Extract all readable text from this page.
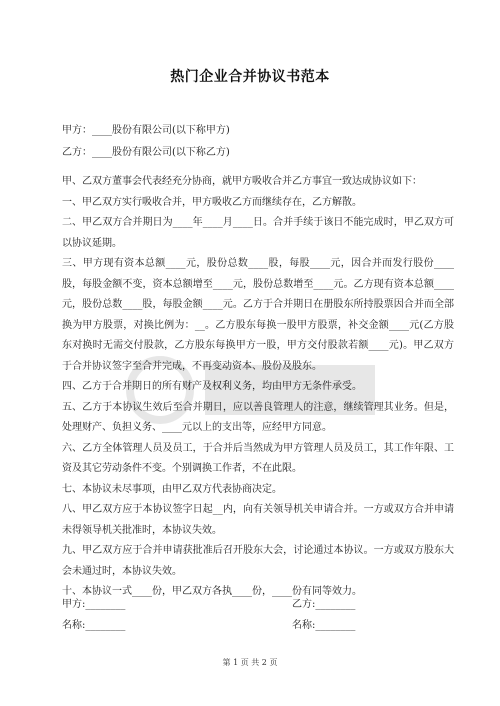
热门企业合并协议书范本
甲方：____股份有限公司(以下称甲方)
乙方：____股份有限公司(以下称乙方)

甲、乙双方董事会代表经充分协商，就甲方吸收合并乙方事宜一致达成协议如下：

一、甲乙双方实行吸收合并，甲方吸收乙方而继续存在，乙方解散。

二、甲乙双方合并期日为____年____月____日。合并手续于该日不能完成时，甲乙双方可以协议延期。

三、甲方现有资本总额____元，股份总数____股，每股____元，因合并而发行股份____股，每股金额不变，资本总额增至____元，股份总数增至____元。乙方现有资本总额____元，股份总数____股，每股金额____元。乙方于合并期日在册股东所持股票因合并而全部换为甲方股票，对换比例为：__。乙方股东每换一股甲方股票，补交金额____元(乙方股东对换时无需交付股款，乙方股东每换甲方一股，甲方交付股款若额____元)。甲乙双方于合并协议签字至合并完成，不再变动资本、股份及股东。

四、乙方于合并期日的所有财产及权利义务，均由甲方无条件承受。

五、乙方于本协议生效后至合并期日，应以善良管理人的注意，继续管理其业务。但是，处理财产、负担义务、____元以上的支出等，应经甲方同意。

六、乙方全体管理人员及员工，于合并后当然成为甲方管理人员及员工，其工作年限、工资及其它劳动条件不变。个别调换工作者，不在此限。

七、本协议未尽事项，由甲乙双方代表协商决定。

八、甲乙双方应于本协议签字日起__内，向有关领导机关申请合并。一方或双方合并申请未得领导机关批准时，本协议失效。

九、甲乙双方应于合并申请获批准后召开股东大会，讨论通过本协议。一方或双方股东大会未通过时，本协议失效。

十、本协议一式____份，甲乙双方各执____份，____份有同等效力。

甲方:________
名称:________
乙方:________
名称:________
第 1 页 共 2 页
